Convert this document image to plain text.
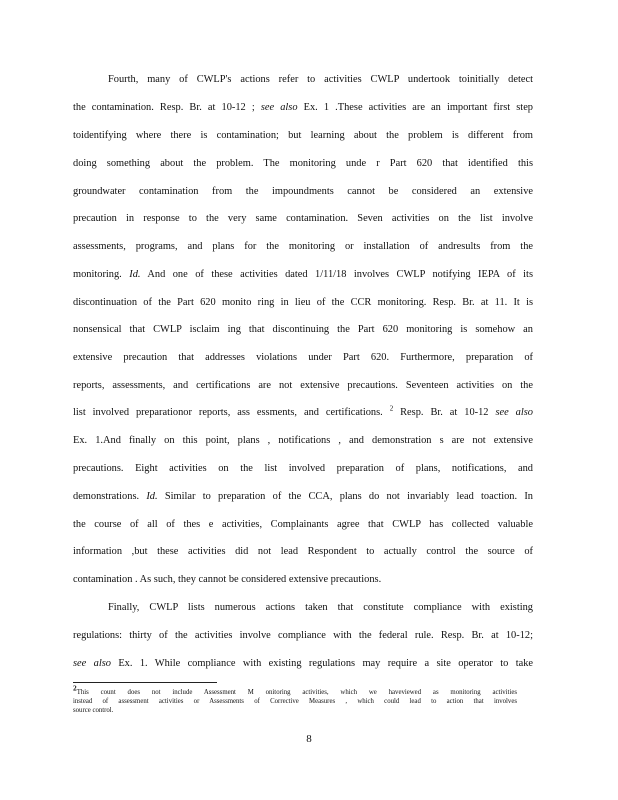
Fourth, many of CWLP's actions refer to activities CWLP undertook toinitially detect
the contamination. Resp. Br. at 10-12 ; see also Ex. 1 .These activities are an important first step
toidentifying where there is contamination; but learning about the problem is different from
doing something about the problem. The monitoring unde r Part 620 that identified this
groundwater contamination from the impoundments cannot be considered an extensive
precaution in response to the very same contamination. Seven activities on the list involve
assessments, programs, and plans for the monitoring or installation of andresults from the
monitoring. Id. And one of these activities dated 1/11/18 involves CWLP notifying IEPA of its
discontinuation of the Part 620 monito ring in lieu of the CCR monitoring. Resp. Br. at 11. It is
nonsensical that CWLP isclaim ing that discontinuing the Part 620 monitoring is somehow an
extensive precaution that addresses violations under Part 620. Furthermore, preparation of
reports, assessments, and certifications are not extensive precautions. Seventeen activities on the
list involved preparationor reports, ass essments, and certifications. $^2$ Resp. Br. at 10-12 see also
Ex. 1.And finally on this point, plans , notifications , and demonstration s are not extensive
precautions. Eight activities on the list involved preparation of plans, notifications, and
demonstrations. Id. Similar to preparation of the CCA, plans do not invariably lead toaction. In
the course of all of thes e activities, Complainants agree that CWLP has collected valuable
information ,but these activities did not lead Respondent to actually control the source of
contamination . As such, they cannot be considered extensive precautions.
Finally, CWLP lists numerous actions taken that constitute compliance with existing
regulations: thirty of the activities involve compliance with the federal rule. Resp. Br. at 10-12;
see also Ex. 1. While compliance with existing regulations may require a site operator to take
$^2$This count does not include Assessment M onitoring activities, which we haveviewed as monitoring activities
instead of assessment activities or Assessments of Corrective Measures , which could lead to action that involves
source control.
8
